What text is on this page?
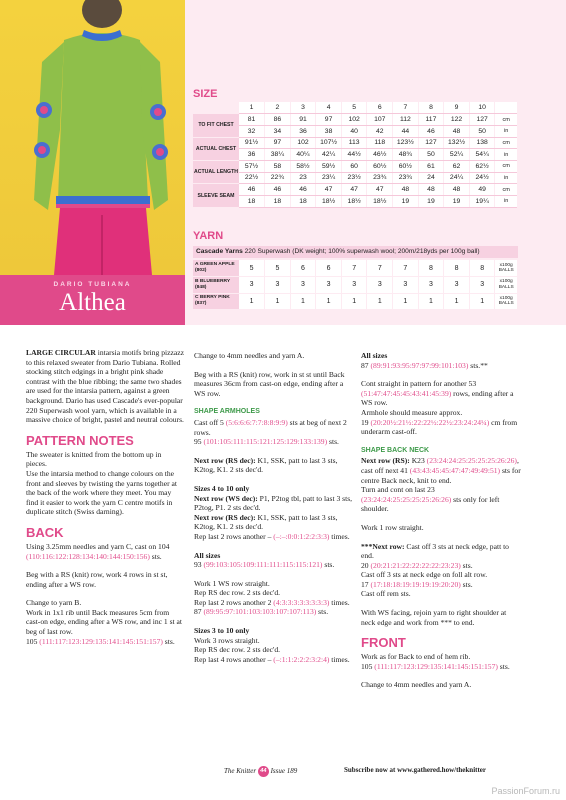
DARIO TUBIANA
Althea
SIZE
	1	2	3	4	5	6	7	8	9	10	
TO FIT CHEST	81	86	91	97	102	107	112	117	122	127	cm
	32	34	36	38	40	42	44	46	48	50	in
ACTUAL CHEST	91½	97	102	107½	113	118	123½	127	132½	138	cm
	36	38¼	40¼	42¼	44½	46½	48¾	50	52¼	54¼	in
ACTUAL LENGTH	57½	58	58½	59½	60	60½	60½	61	62	62½	cm
	22½	22¾	23	23¼	23½	23¾	23¾	24	24¼	24½	in
SLEEVE SEAM	46	46	46	47	47	47	48	48	48	49	cm
	18	18	18	18½	18½	18½	19	19	19	19¼	in
YARN
Cascade Yarns 220 Superwash (DK weight; 100% superwash wool; 200m/218yds per 100g ball)
A GREEN APPLE (802)	5	5	6	6	7	7	7	8	8	8	x100g BALLS
B BLUEBERRY (848)	3	3	3	3	3	3	3	3	3	3	x100g BALLS
C BERRY PINK (837)	1	1	1	1	1	1	1	1	1	1	x100g BALLS

LARGE CIRCULAR intarsia motifs bring pizzazz to this relaxed sweater from Dario Tubiana. Rolled stocking stitch edgings in a bright pink shade contrast with the blue ribbing; the same two shades are used for the intarsia pattern, against a green background. Dario has used Cascade's ever-popular 220 Superwash wool yarn, which is available in a massive choice of bright, pastel and neutral colours.

PATTERN NOTES

The sweater is knitted from the bottom up in pieces.

Use the intarsia method to change colours on the front and sleeves by twisting the yarns together at the back of the work where they meet. You may find it easier to work the yarn C centre motifs in duplicate stitch (Swiss darning).

BACK

Using 3.25mm needles and yarn C, cast on 104 (110:116:122:128:134:140:144:150:156) sts.

Beg with a RS (knit) row, work 4 rows in st st, ending after a WS row.

Change to yarn B.

Work in 1x1 rib until Back measures 5cm from cast-on edge, ending after a WS row, and inc 1 st at beg of last row.

105 (111:117:123:129:135:141:145:151:157) sts.

Change to 4mm needles and yarn A.

Beg with a RS (knit) row, work in st st until Back measures 36cm from cast-on edge, ending after a WS row.

SHAPE ARMHOLES

Cast off 5 (5:6:6:6:7:7:8:8:9:9) sts at beg of next 2 rows.

95 (101:105:111:115:121:125:129:133:139) sts.

Next row (RS dec): K1, SSK, patt to last 3 sts, K2tog, K1. 2 sts dec'd.

Sizes 4 to 10 only

Next row (WS dec): P1, P2tog tbl, patt to last 3 sts, P2tog, P1. 2 sts dec'd.

Next row (RS dec): K1, SSK, patt to last 3 sts, K2tog, K1. 2 sts dec'd.

Rep last 2 rows another – (–:–:0:0:1:2:2:3:3) times.

All sizes

93 (99:103:105:109:111:111:115:115:121) sts.

Work 1 WS row straight.

Rep RS dec row. 2 sts dec'd.

Rep last 2 rows another 2 (4:3:3:3:3:3:3:3:3) times.

87 (89:95:97:101:103:103:107:107:113) sts.

Sizes 3 to 10 only

Work 3 rows straight.

Rep RS dec row. 2 sts dec'd.

Rep last 4 rows another – (–:1:1:2:2:2:3:2:4) times.

All sizes

87 (89:91:93:95:97:97:99:101:103) sts.**

Cont straight in pattern for another 53 (51:47:47:45:45:43:41:45:39) rows, ending after a WS row.

Armhole should measure approx.

19 (20:20½:21½:22:22½:22½:23:24:24¼) cm from underarm cast-off.

SHAPE BACK NECK

Next row (RS): K23 (23:24:24:25:25:25:25:26:26), cast off next 41 (43:43:45:45:47:47:49:49:51) sts for centre Back neck, knit to end.

Turn and cont on last 23 (23:24:24:25:25:25:25:26:26) sts only for left shoulder.

Work 1 row straight.

***Next row: Cast off 3 sts at neck edge, patt to end.

20 (20:21:21:22:22:22:22:23:23) sts.

Cast off 3 sts at neck edge on foll alt row.

17 (17:18:18:19:19:19:19:20:20) sts.

Cast off rem sts.

With WS facing, rejoin yarn to right shoulder at neck edge and work from *** to end.

FRONT

Work as for Back to end of hem rib.

105 (111:117:123:129:135:141:145:151:157) sts.

Change to 4mm needles and yarn A.

The Knitter 44 Issue 189	Subscribe now at www.gathered.how/theknitter
PassionForum.ru
